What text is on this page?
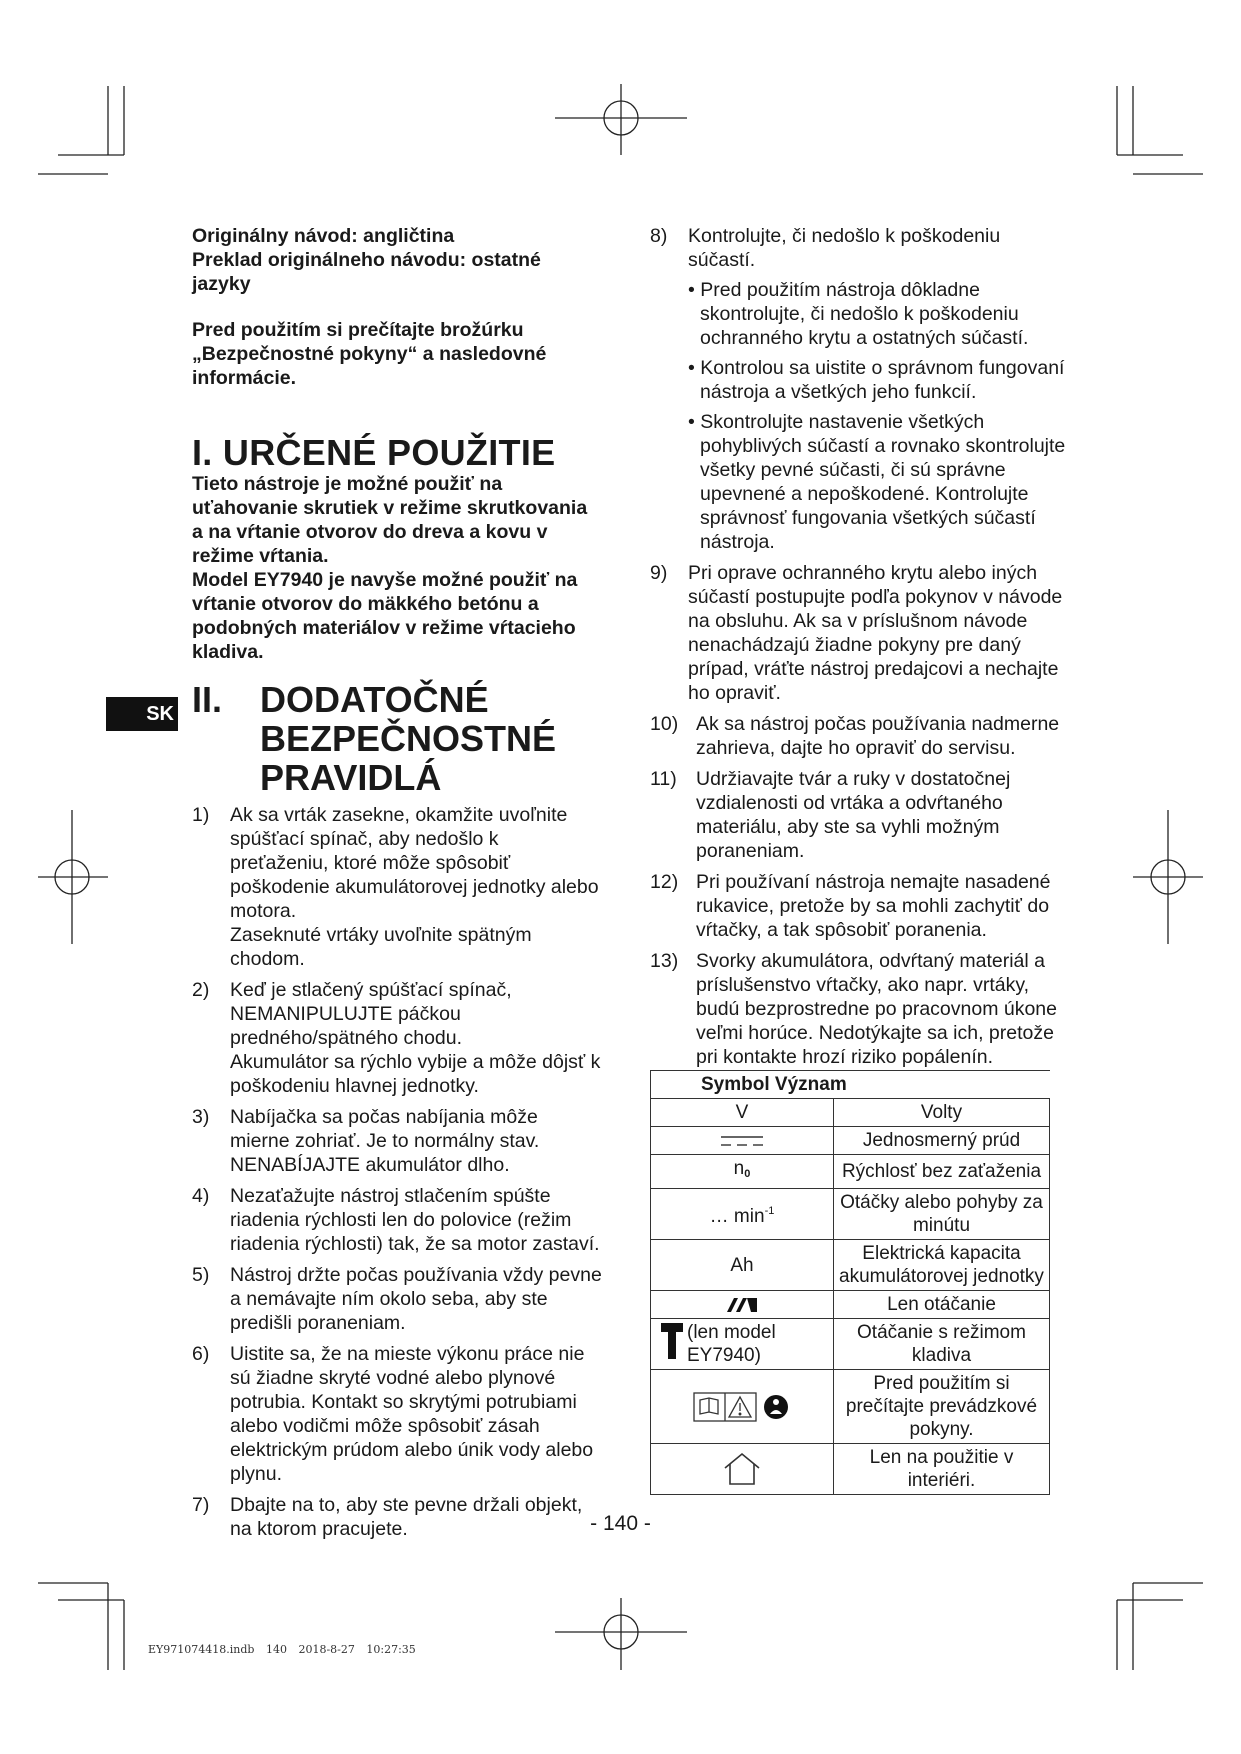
SK

Originálny návod: angličtina
Preklad originálneho návodu: ostatné jazyky

Pred použitím si prečítajte brožúrku „Bezpečnostné pokyny“ a nasledovné informácie.

I. URČENÉ POUŽITIE

Tieto nástroje je možné použiť na uťahovanie skrutiek v režime skrutkovania a na vŕtanie otvorov do dreva a kovu v režime vŕtania.

Model EY7940 je navyše možné použiť na vŕtanie otvorov do mäkkého betónu a podobných materiálov v režime vŕtacieho kladiva.

II. DODATOČNÉ
BEZPEČNOSTNÉ
PRAVIDLÁ

1) Ak sa vrták zasekne, okamžite uvoľnite spúšťací spínač, aby nedošlo k preťaženiu, ktoré môže spôsobiť poškodenie akumulátorovej jednotky alebo motora.
Zaseknuté vrtáky uvoľnite spätným chodom.

2) Keď je stlačený spúšťací spínač, NEMANIPULUJTE páčkou predného/spätného chodu.
Akumulátor sa rýchlo vybije a môže dôjsť k poškodeniu hlavnej jednotky.

3) Nabíjačka sa počas nabíjania môže mierne zohriať. Je to normálny stav. NENABÍJAJTE akumulátor dlho.

4) Nezaťažujte nástroj stlačením spúšte riadenia rýchlosti len do polovice (režim riadenia rýchlosti) tak, že sa motor zastaví.

5) Nástroj držte počas používania vždy pevne a nemávajte ním okolo seba, aby ste predišli poraneniam.

6) Uistite sa, že na mieste výkonu práce nie sú žiadne skryté vodné alebo plynové potrubia. Kontakt so skrytými potrubiami alebo vodičmi môže spôsobiť zásah elektrickým prúdom alebo únik vody alebo plynu.

7) Dbajte na to, aby ste pevne držali objekt, na ktorom pracujete.

8) Kontrolujte, či nedošlo k poškodeniu súčastí.

• Pred použitím nástroja dôkladne skontrolujte, či nedošlo k poškodeniu ochranného krytu a ostatných súčastí.

• Kontrolou sa uistite o správnom fungovaní nástroja a všetkých jeho funkcií.

• Skontrolujte nastavenie všetkých pohyblivých súčastí a rovnako skontrolujte všetky pevné súčasti, či sú správne upevnené a nepoškodené. Kontrolujte správnosť fungovania všetkých súčastí nástroja.

9) Pri oprave ochranného krytu alebo iných súčastí postupujte podľa pokynov v návode na obsluhu. Ak sa v príslušnom návode nenachádzajú žiadne pokyny pre daný prípad, vráťte nástroj predajcovi a nechajte ho opraviť.

10) Ak sa nástroj počas používania nadmerne zahrieva, dajte ho opraviť do servisu.

11) Udržiavajte tvár a ruky v dostatočnej vzdialenosti od vrtáka a odvŕtaného materiálu, aby ste sa vyhli možným poraneniam.

12) Pri používaní nástroja nemajte nasadené rukavice, pretože by sa mohli zachytiť do vŕtačky, a tak spôsobiť poranenia.

13) Svorky akumulátora, odvŕtaný materiál a príslušenstvo vŕtačky, ako napr. vrtáky, budú bezprostredne po pracovnom úkone veľmi horúce. Nedotýkajte sa ich, pretože pri kontakte hrozí riziko popálenín.

Symbol Význam	
V	Volty
	Jednosmerný prúd
n0	Rýchlosť bez zaťaženia
… $\min^{-1}$	Otáčky alebo pohyby za minútu
Ah	Elektrická kapacita akumulátorovej jednotky
	Len otáčanie

(len model EY7940)	Otáčanie s režimom kladiva
	Pred použitím si prečítajte prevádzkové pokyny.
	Len na použitie v interiéri.
- 140 -
EY971074418.indb 140 2018-8-27 10:27:35
